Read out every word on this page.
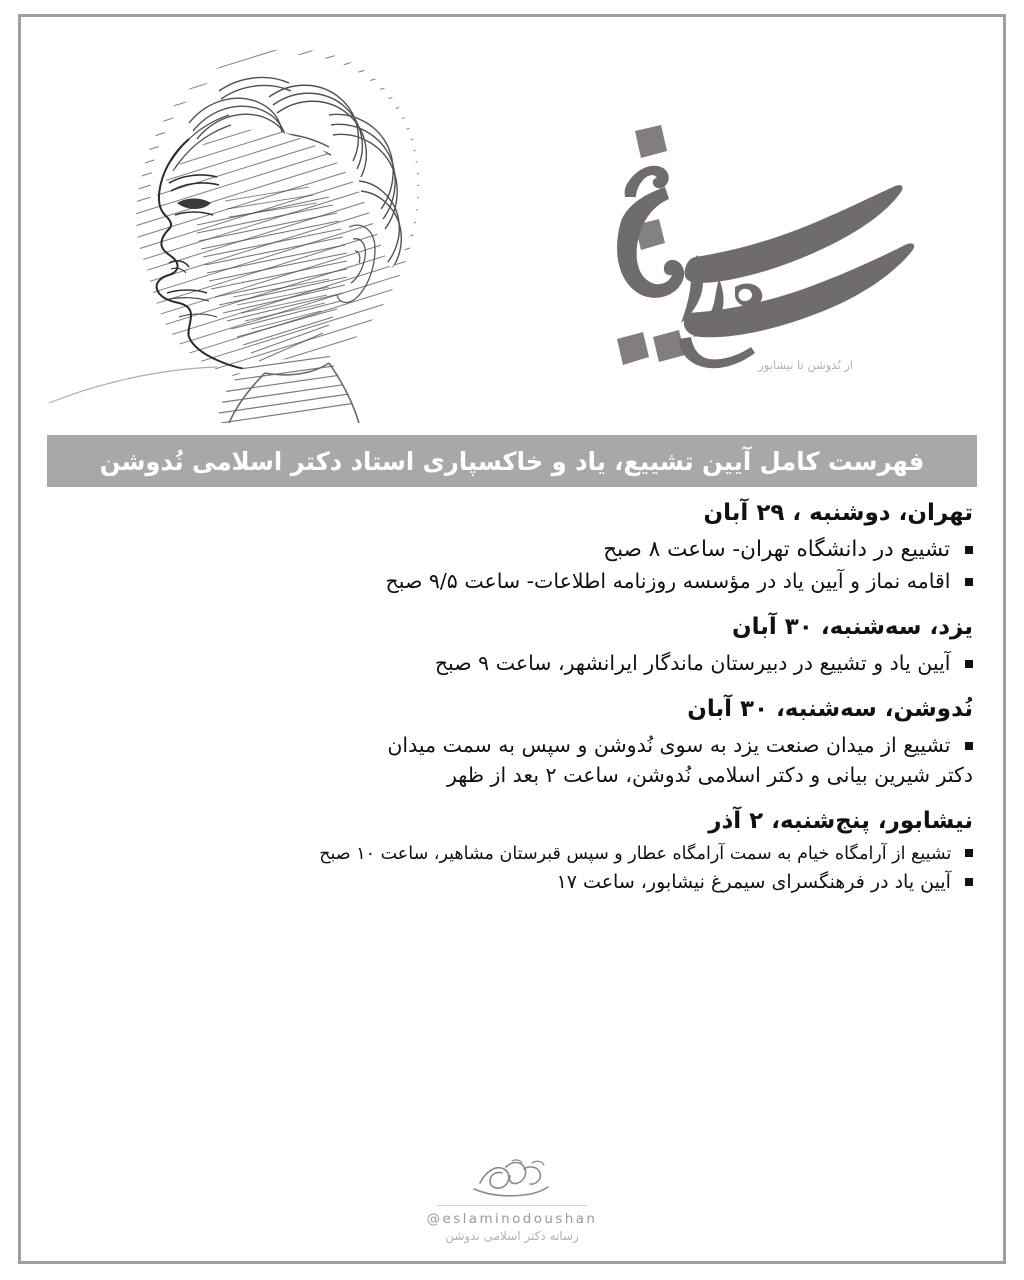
از نُدوشن تا نیشابور
فهرست کامل آیین تشییع، یاد و خاکسپاری استاد دکتر اسلامی نُدوشن
تهران، دوشنبه ، ۲۹ آبان
تشییع در دانشگاه تهران- ساعت ۸ صبح
اقامه نماز و آیین یاد در مؤسسه روزنامه اطلاعات- ساعت ۹/۵ صبح
یزد، سه‌شنبه، ۳۰ آبان
آیین یاد و تشییع در دبیرستان ماندگار ایرانشهر، ساعت ۹ صبح
نُدوشن، سه‌شنبه، ۳۰ آبان
تشییع از میدان صنعت یزد به سوی نُدوشن و سپس به سمت میدان
دکتر شیرین بیانی و دکتر اسلامی نُدوشن، ساعت ۲ بعد از ظهر
نیشابور، پنج‌شنبه، ۲ آذر
تشییع از آرامگاه خیام به سمت آرامگاه عطار و سپس قبرستان مشاهیر، ساعت ۱۰ صبح
آیین یاد در فرهنگسرای سیمرغ نیشابور، ساعت ۱۷
@eslaminodoushan
رسانه دکتر اسلامی ندوشن
